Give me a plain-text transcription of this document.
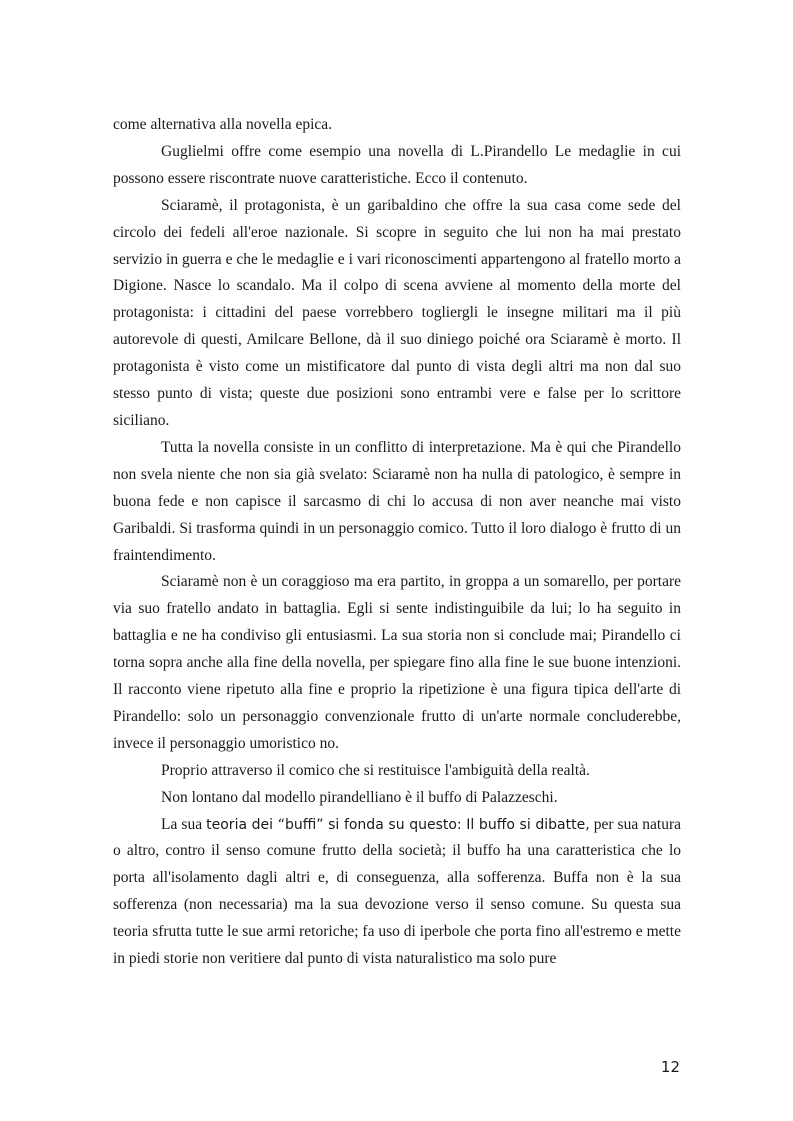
come alternativa alla novella epica.

Guglielmi offre come esempio una novella di L.Pirandello Le medaglie in cui possono essere riscontrate nuove caratteristiche. Ecco il contenuto.

Sciaramè, il protagonista, è un garibaldino che offre la sua casa come sede del circolo dei fedeli all'eroe nazionale. Si scopre in seguito che lui non ha mai prestato servizio in guerra e che le medaglie e i vari riconoscimenti appartengono al fratello morto a Digione. Nasce lo scandalo. Ma il colpo di scena avviene al momento della morte del protagonista: i cittadini del paese vorrebbero togliergli le insegne militari ma il più autorevole di questi, Amilcare Bellone, dà il suo diniego poiché ora Sciaramè è morto. Il protagonista è visto come un mistificatore dal punto di vista degli altri ma non dal suo stesso punto di vista; queste due posizioni sono entrambi vere e false per lo scrittore siciliano.

Tutta la novella consiste in un conflitto di interpretazione. Ma è qui che Pirandello non svela niente che non sia già svelato: Sciaramè non ha nulla di patologico, è sempre in buona fede e non capisce il sarcasmo di chi lo accusa di non aver neanche mai visto Garibaldi. Si trasforma quindi in un personaggio comico. Tutto il loro dialogo è frutto di un fraintendimento.

Sciaramè non è un coraggioso ma era partito, in groppa a un somarello, per portare via suo fratello andato in battaglia. Egli si sente indistinguibile da lui; lo ha seguito in battaglia e ne ha condiviso gli entusiasmi. La sua storia non si conclude mai; Pirandello ci torna sopra anche alla fine della novella, per spiegare fino alla fine le sue buone intenzioni. Il racconto viene ripetuto alla fine e proprio la ripetizione è una figura tipica dell'arte di Pirandello: solo un personaggio convenzionale frutto di un'arte normale concluderebbe, invece il personaggio umoristico no.

Proprio attraverso il comico che si restituisce l'ambiguità della realtà.

Non lontano dal modello pirandelliano è il buffo di Palazzeschi.

La sua teoria dei “buffi” si fonda su questo: Il buffo si dibatte, per sua natura o altro, contro il senso comune frutto della società; il buffo ha una caratteristica che lo porta all'isolamento dagli altri e, di conseguenza, alla sofferenza. Buffa non è la sua sofferenza (non necessaria) ma la sua devozione verso il senso comune. Su questa sua teoria sfrutta tutte le sue armi retoriche; fa uso di iperbole che porta fino all'estremo e mette in piedi storie non veritiere dal punto di vista naturalistico ma solo pure

12
